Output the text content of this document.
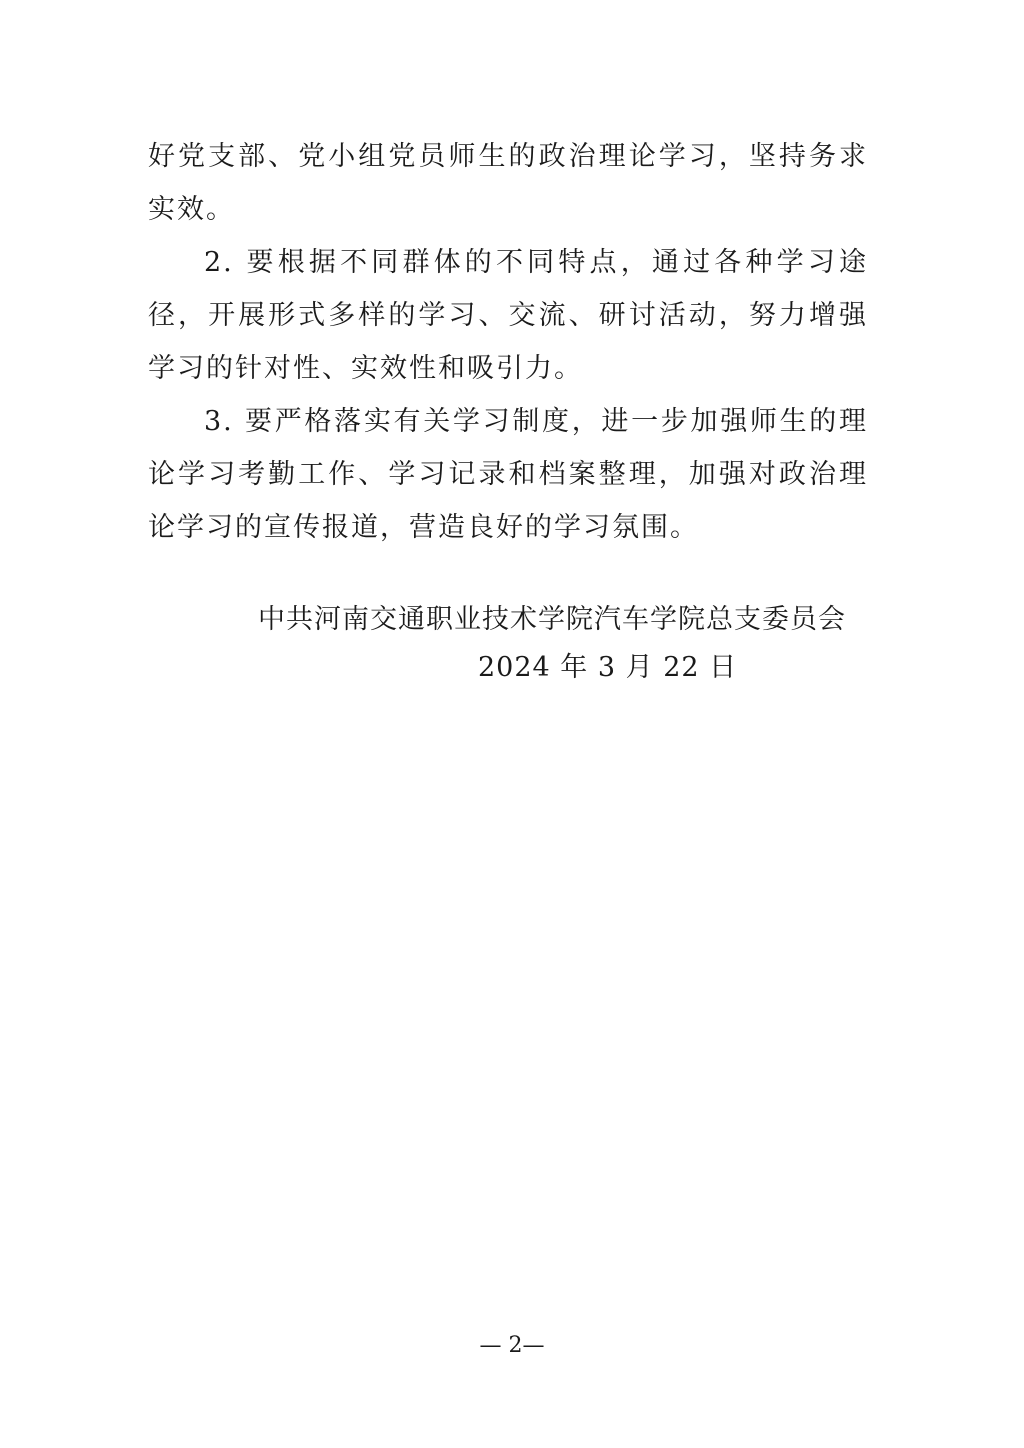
好党支部、党小组党员师生的政治理论学习，坚持务求实效。

2. 要根据不同群体的不同特点，通过各种学习途径，开展形式多样的学习、交流、研讨活动，努力增强学习的针对性、实效性和吸引力。

3. 要严格落实有关学习制度，进一步加强师生的理论学习考勤工作、学习记录和档案整理，加强对政治理论学习的宣传报道，营造良好的学习氛围。

中共河南交通职业技术学院汽车学院总支委员会
2024 年 3 月 22 日
— 2—
